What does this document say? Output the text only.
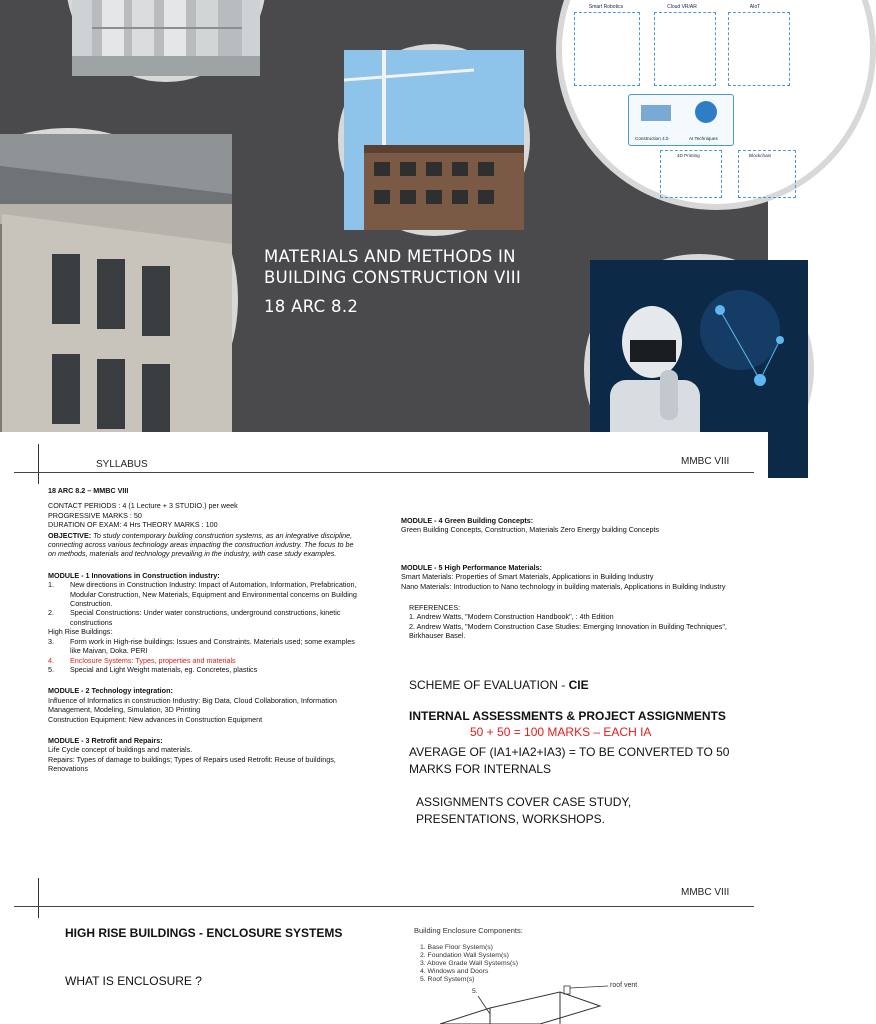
Smart Robotics	Cloud VR/AR	AIoT
Construction 4.0	AI Techniques
4D Printing	Blockchain
MATERIALS AND METHODS IN
BUILDING CONSTRUCTION VIII
18 ARC 8.2
SYLLABUS	MMBC VIII
18 ARC 8.2 – MMBC VIII
CONTACT PERIODS : 4 (1 Lecture + 3 STUDIO.) per week
PROGRESSIVE MARKS : 50
DURATION OF EXAM: 4 Hrs THEORY MARKS : 100
OBJECTIVE: To study contemporary building construction systems, as an integrative discipline, connecting across various technology areas impacting the construction industry. The focus to be on methods, materials and technology prevailing in the industry, with case study examples.
MODULE - 1 Innovations in Construction industry:
1.	New directions in Construction Industry: Impact of Automation, Information, Prefabrication, Modular Construction, New Materials, Equipment and Environmental concerns on Building Construction.
2.	Special Constructions: Under water constructions, underground constructions, kinetic constructions
High Rise Buildings:
3.	Form work in High-rise buildings: Issues and Constraints. Materials used; some examples like Maivan, Doka. PERI
4.	Enclosure Systems: Types, properties and materials
5.	Special and Light Weight materials, eg. Concretes, plastics
MODULE - 2 Technology integration:
Influence of Informatics in construction Industry: Big Data, Cloud Collaboration, Information Management, Modeling, Simulation, 3D Printing
Construction Equipment: New advances in Construction Equipment
MODULE - 3 Retrofit and Repairs:
Life Cycle concept of buildings and materials.
Repairs: Types of damage to buildings; Types of Repairs used Retrofit: Reuse of buildings, Renovations
MODULE - 4 Green Building Concepts:
Green Building Concepts, Construction, Materials Zero Energy building Concepts
MODULE - 5 High Performance Materials:
Smart Materials: Properties of Smart Materials, Applications in Building Industry
Nano Materials: Introduction to Nano technology in building materials, Applications in Building Industry
REFERENCES:
1. Andrew Watts, "Modern Construction Handbook", : 4th Edition
2. Andrew Watts, "Modern Construction Case Studies: Emerging Innovation in Building Techniques", Birkhauser Basel.
SCHEME OF EVALUATION - CIE
INTERNAL ASSESSMENTS & PROJECT ASSIGNMENTS
50 + 50 = 100 MARKS – EACH IA
AVERAGE OF (IA1+IA2+IA3) = TO BE CONVERTED TO 50 MARKS FOR INTERNALS
ASSIGNMENTS COVER CASE STUDY, PRESENTATIONS, WORKSHOPS.
MMBC VIII
HIGH RISE BUILDINGS - ENCLOSURE SYSTEMS
WHAT IS ENCLOSURE ?
Building Enclosure Components:
1. Base Floor System(s)
2. Foundation Wall System(s)
3. Above Grade Wall Systems(s)
4. Windows and Doors
5. Roof System(s)
5.
roof vent
